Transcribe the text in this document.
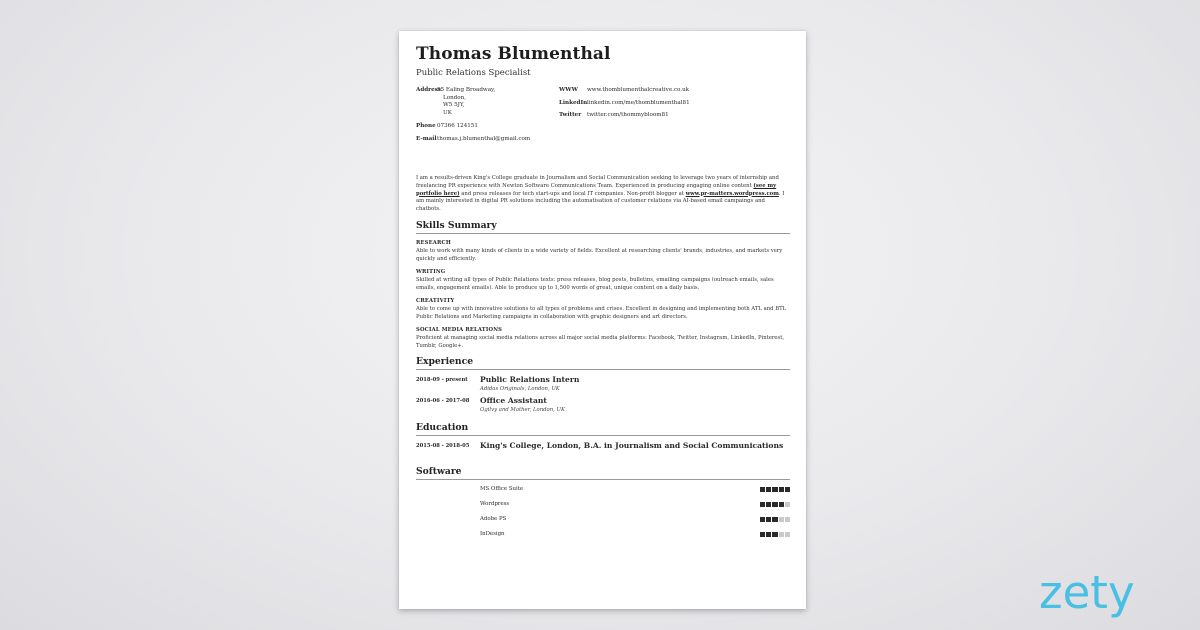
Thomas Blumenthal
Public Relations Specialist
Address
55 Ealing Broadway,
London,
W5 5JY,
UK
Phone 07366 124151
E-mail thomas.j.blumenthal@gmail.com
WWW	www.thomblumenthalcreative.co.uk
LinkedIn linkedin.com/me/thomblumenthal81
Twitter	twitter.com/thommybloom81
I am a results-driven King's College graduate in Journalism and Social Communication seeking to leverage two years of internship and freelancing PR experience with Newton Software Communications Team. Experienced in producing engaging online content (see my portfolio here) and press releases for tech start-ups and local IT companies. Non-profit blogger at www.pr-matters.wordpress.com. I am mainly interested in digital PR solutions including the automatisation of customer relations via AI-based email campaings and chatbots.
Skills Summary
RESEARCH
Able to work with many kinds of clients in a wide variety of fields. Excellent at researching clients' brands, industries, and markets very quickly and efficiently.
WRITING
Skilled at writing all types of Public Relations texts: press releases, blog posts, bulletins, emailing campaigns (outreach emails, sales emails, engagement emails). Able to produce up to 1,500 words of great, unique content on a daily basis.
CREATIVITY
Able to come up with innovative solutions to all types of problems and crises. Excellent in designing and implementing both ATL and BTL Public Relations and Marketing campaigns in collaboration with graphic designers and art directors.
SOCIAL MEDIA RELATIONS
Proficient at managing social media relations across all major social media platforms: Facebook, Twitter, Instagram, LinkedIn, Pinterest, Tumblr, Google+.
Experience
2018-09 - present	Public Relations Intern
Adidas Originals, London, UK
2016-06 - 2017-08	Office Assistant
Ogilvy and Mather, London, UK
Education
2015-08 - 2018-05	King's College, London, B.A. in Journalism and Social Communications
Software
MS Office Suite
Wordpress
Adobe PS
InDesign
zety
